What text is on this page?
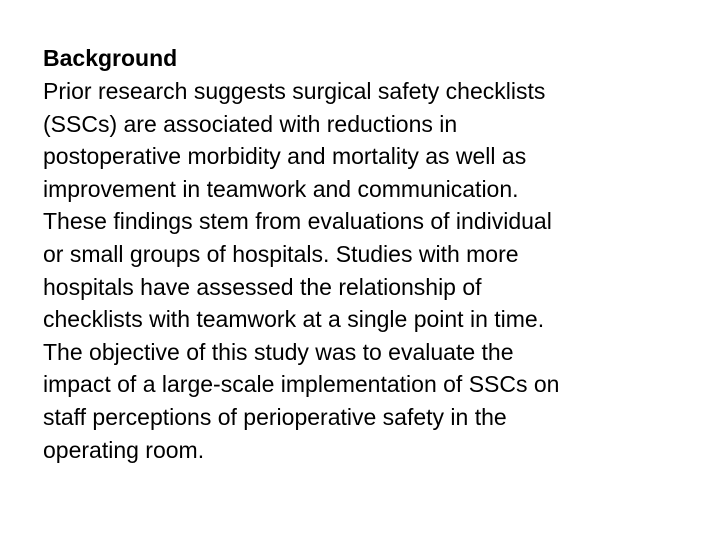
Background

Prior research suggests surgical safety checklists

(SSCs) are associated with reductions in

postoperative morbidity and mortality as well as

improvement in teamwork and communication.

These findings stem from evaluations of individual

or small groups of hospitals. Studies with more

hospitals have assessed the relationship of

checklists with teamwork at a single point in time.

The objective of this study was to evaluate the

impact of a large-scale implementation of SSCs on

staff perceptions of perioperative safety in the

operating room.
